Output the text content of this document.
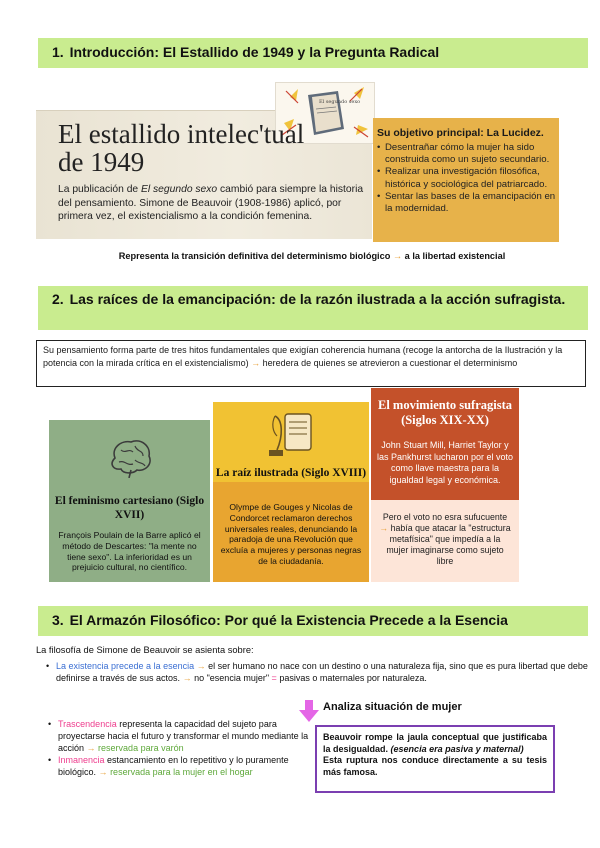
1. Introducción: El Estallido de 1949 y la Pregunta Radical
El segundo sexo
El estallido intelec'tual de 1949
La publicación de El segundo sexo cambió para siempre la historia del pensamiento. Simone de Beauvoir (1908-1986) aplicó, por primera vez, el existencialismo a la condición femenina.
Su objetivo principal: La Lucidez.
• Desentrañar cómo la mujer ha sido construida como un sujeto secundario.
• Realizar una investigación filosófica, histórica y sociológica del patriarcado.
• Sentar las bases de la emancipación en la modernidad.
Representa la transición definitiva del determinismo biológico → a la libertad existencial
2. Las raíces de la emancipación: de la razón ilustrada a la acción sufragista.
Su pensamiento forma parte de tres hitos fundamentales que exigían coherencia humana (recoge la antorcha de la Ilustración y la potencia con la mirada crítica en el existencialismo) → heredera de quienes se atrevieron a cuestionar el determinismo
El feminismo cartesiano (Siglo XVII)
François Poulain de la Barre aplicó el método de Descartes: "la mente no tiene sexo". La inferioridad es un prejuicio cultural, no científico.
La raíz ilustrada (Siglo XVIII)
Olympe de Gouges y Nicolas de Condorcet reclamaron derechos universales reales, denunciando la paradoja de una Revolución que excluía a mujeres y personas negras de la ciudadanía.
El movimiento sufragista (Siglos XIX-XX)
John Stuart Mill, Harriet Taylor y las Pankhurst lucharon por el voto como llave maestra para la igualdad legal y económica.
Pero el voto no esra sufucuente → había que atacar la "estructura metafísica" que impedía a la mujer imaginarse como sujeto libre
3. El Armazón Filosófico: Por qué la Existencia Precede a la Esencia
La filosofía de Simone de Beauvoir se asienta sobre:
• La existencia precede a la esencia → el ser humano no nace con un destino o una naturaleza fija, sino que es pura libertad que debe definirse a través de sus actos. → no "esencia mujer" = pasivas o maternales por naturaleza.
Analiza situación de mujer
• Trascendencia representa la capacidad del sujeto para proyectarse hacia el futuro y transformar el mundo mediante la acción → reservada para varón
• Inmanencia estancamiento en lo repetitivo y lo puramente biológico. → reservada para la mujer en el hogar
Beauvoir rompe la jaula conceptual que justificaba la desigualdad. (esencia era pasiva y maternal)
Esta ruptura nos conduce directamente a su tesis más famosa.
